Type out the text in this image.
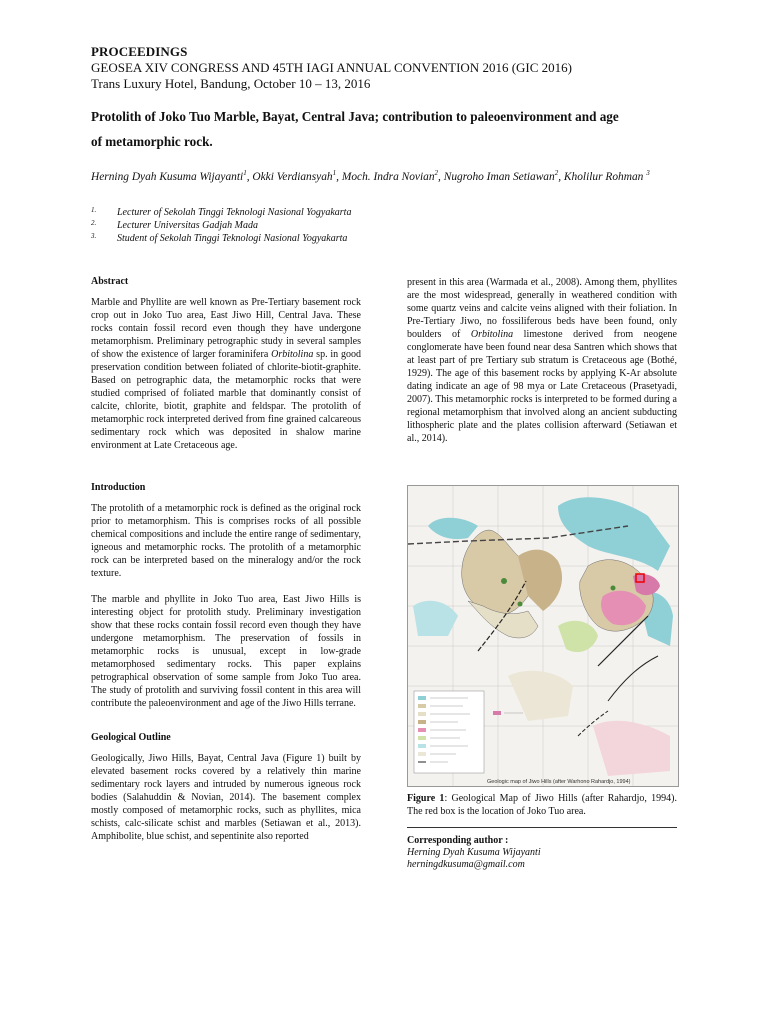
PROCEEDINGS
GEOSEA XIV CONGRESS AND 45TH IAGI ANNUAL CONVENTION 2016 (GIC 2016)
Trans Luxury Hotel, Bandung, October 10 – 13, 2016
Protolith of Joko Tuo Marble, Bayat, Central Java; contribution to paleoenvironment and age
of metamorphic rock.
Herning Dyah Kusuma Wijayanti$^1$, Okki Verdiansyah$^1$, Moch. Indra Novian$^2$, Nugroho Iman Setiawan$^2$, Kholilur Rohman $^3$
1. Lecturer of Sekolah Tinggi Teknologi Nasional Yogyakarta
2. Lecturer Universitas Gadjah Mada
3. Student of Sekolah Tinggi Teknologi Nasional Yogyakarta
Abstract

Marble and Phyllite are well known as Pre-Tertiary basement rock crop out in Joko Tuo area, East Jiwo Hill, Central Java. These rocks contain fossil record even though they have undergone metamorphism. Preliminary petrographic study in several samples of show the existence of larger foraminifera Orbitolina sp. in good preservation condition between foliated of chlorite-biotit-graphite. Based on petrographic data, the metamorphic rocks that were studied comprised of foliated marble that dominantly consist of calcite, chlorite, biotit, graphite and feldspar. The protolith of metamorphic rock interpreted derived from fine grained calcareous sedimentary rock which was deposited in shalow marine environment at Late Cretaceous age.

Introduction

The protolith of a metamorphic rock is defined as the original rock prior to metamorphism. This is comprises rocks of all possible chemical compositions and include the entire range of sedimentary, igneous and metamorphic rocks. The protolith of a metamorphic rock can be interpreted based on the mineralogy and/or the rock texture.

The marble and phyllite in Joko Tuo area, East Jiwo Hills is interesting object for protolith study. Preliminary investigation show that these rocks contain fossil record even though they have undergone metamorphism. The preservation of fossils in metamorphic rocks is unusual, except in low-grade metamorphosed sedimentary rocks. This paper explains petrographical observation of some sample from Joko Tuo area. The study of protolith and surviving fossil content in this area will contribute the paleoenvironment and age of the Jiwo Hills terrane.

Geological Outline

Geologically, Jiwo Hills, Bayat, Central Java (Figure 1) built by elevated basement rocks covered by a relatively thin marine sedimentary rock layers and intruded by numerous igneous rock bodies (Salahuddin & Novian, 2014). The basement complex mostly composed of metamorphic rocks, such as phyllites, mica schists, calc-silicate schist and marbles (Setiawan et al., 2013). Amphibolite, blue schist, and sepentinite also reported

present in this area (Warmada et al., 2008). Among them, phyllites are the most widespread, generally in weathered condition with some quartz veins and calcite veins aligned with their foliation. In Pre-Tertiary Jiwo, no fossiliferous beds have been found, only boulders of Orbitolina limestone derived from neogene conglomerate have been found near desa Santren which shows that at least part of pre Tertiary sub stratum is Cretaceous age (Bothé, 1929). The age of this basement rocks by applying K-Ar absolute dating indicate an age of 98 mya or Late Cretaceous (Prasetyadi, 2007). This metamorphic rocks is interpreted to be formed during a regional metamorphism that involved along an ancient subducting lithospheric plate and the plates collision afterward (Setiawan et al., 2014).

Geologic map of Jiwo Hills (after Warhono Rahardjo, 1994)
Figure 1: Geological Map of Jiwo Hills (after Rahardjo, 1994). The red box is the location of Joko Tuo area.
Corresponding author :
Herning Dyah Kusuma Wijayanti
herningdkusuma@gmail.com
